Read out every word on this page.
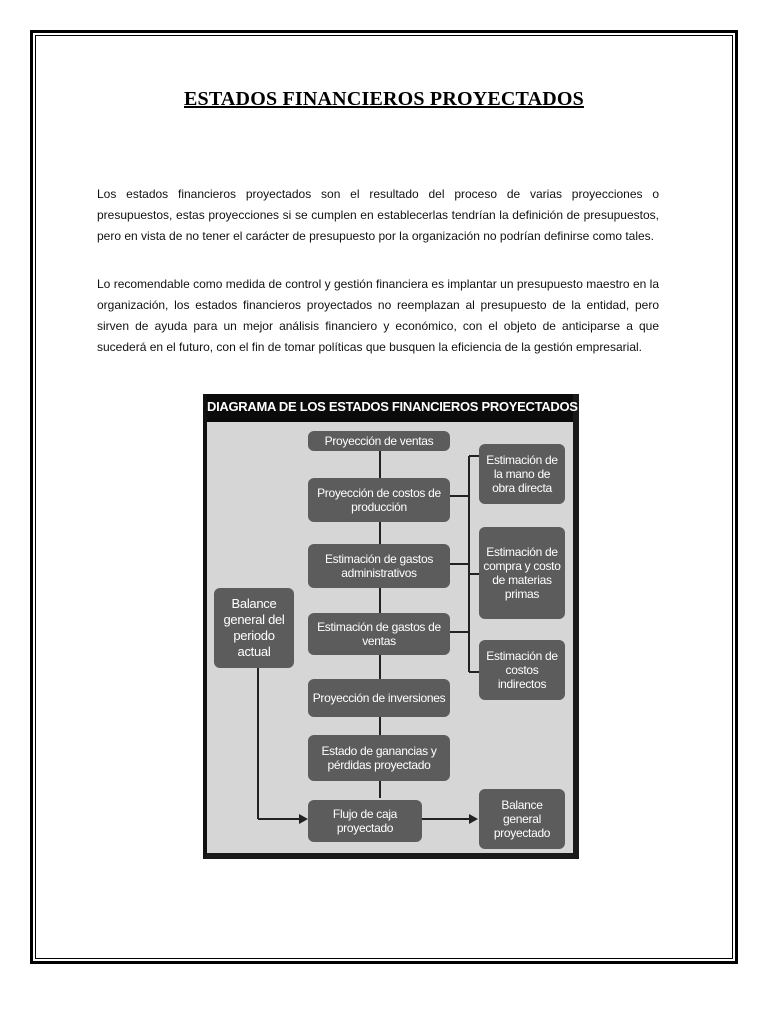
ESTADOS FINANCIEROS PROYECTADOS

Los estados financieros proyectados son el resultado del proceso de varias proyecciones o presupuestos, estas proyecciones si se cumplen en establecerlas tendrían la definición de presupuestos, pero en vista de no tener el carácter de presupuesto por la organización no podrían definirse como tales.

Lo recomendable como medida de control y gestión financiera es implantar un presupuesto maestro en la organización, los estados financieros proyectados no reemplazan al presupuesto de la entidad, pero sirven de ayuda para un mejor análisis financiero y económico, con el objeto de anticiparse a que sucederá en el futuro, con el fin de tomar políticas que busquen la eficiencia de la gestión empresarial.

DIAGRAMA DE LOS ESTADOS FINANCIEROS PROYECTADOS
Proyección de ventas
Proyección de costos de producción
Estimación de gastos administrativos
Estimación de gastos de ventas
Proyección de inversiones
Estado de ganancias y pérdidas proyectado
Flujo de caja proyectado
Estimación de la mano de obra directa
Estimación de compra y costo de materias primas
Estimación de costos indirectos
Balance general del periodo actual
Balance general proyectado
